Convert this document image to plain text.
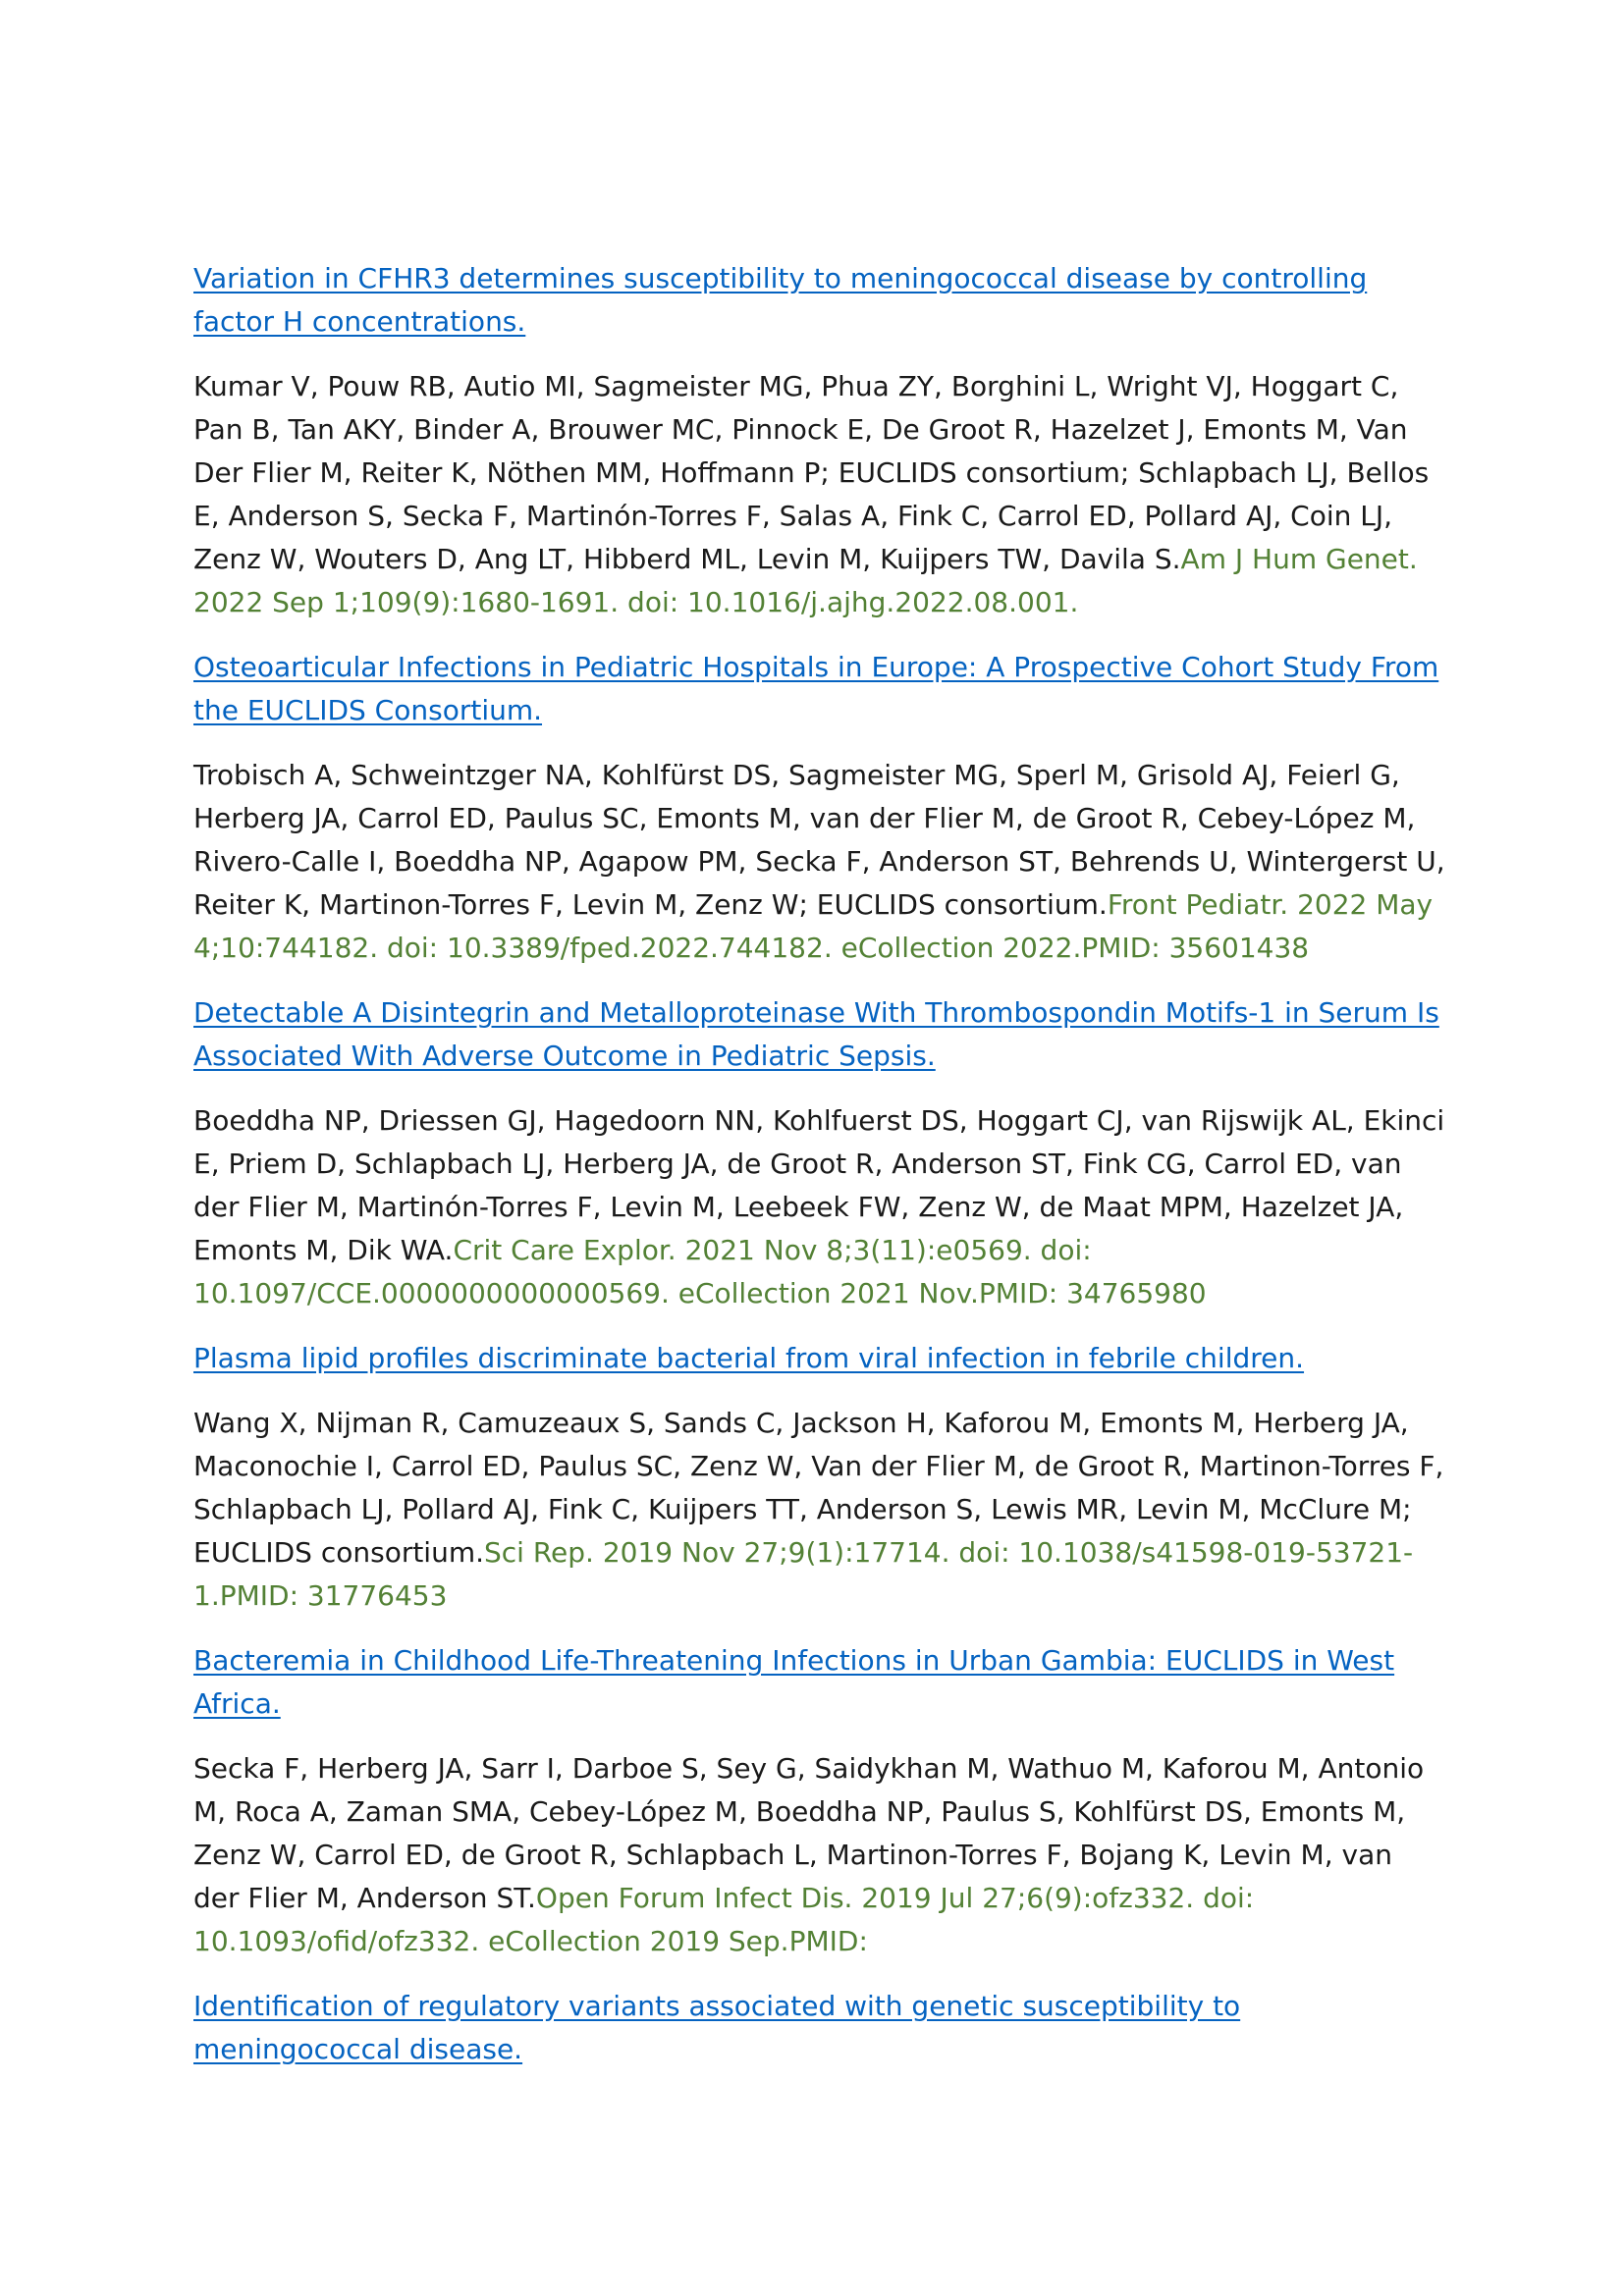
Variation in CFHR3 determines susceptibility to meningococcal disease by controlling factor H concentrations.

Kumar V, Pouw RB, Autio MI, Sagmeister MG, Phua ZY, Borghini L, Wright VJ, Hoggart C, Pan B, Tan AKY, Binder A, Brouwer MC, Pinnock E, De Groot R, Hazelzet J, Emonts M, Van Der Flier M, Reiter K, Nöthen MM, Hoffmann P; EUCLIDS consortium; Schlapbach LJ, Bellos E, Anderson S, Secka F, Martinón-Torres F, Salas A, Fink C, Carrol ED, Pollard AJ, Coin LJ, Zenz W, Wouters D, Ang LT, Hibberd ML, Levin M, Kuijpers TW, Davila S.Am J Hum Genet. 2022 Sep 1;109(9):1680-1691. doi: 10.1016/j.ajhg.2022.08.001.

Osteoarticular Infections in Pediatric Hospitals in Europe: A Prospective Cohort Study From the EUCLIDS Consortium.

Trobisch A, Schweintzger NA, Kohlfürst DS, Sagmeister MG, Sperl M, Grisold AJ, Feierl G, Herberg JA, Carrol ED, Paulus SC, Emonts M, van der Flier M, de Groot R, Cebey-López M, Rivero-Calle I, Boeddha NP, Agapow PM, Secka F, Anderson ST, Behrends U, Wintergerst U, Reiter K, Martinon-Torres F, Levin M, Zenz W; EUCLIDS consortium.Front Pediatr. 2022 May 4;10:744182. doi: 10.3389/fped.2022.744182. eCollection 2022.PMID: 35601438

Detectable A Disintegrin and Metalloproteinase With Thrombospondin Motifs-1 in Serum Is Associated With Adverse Outcome in Pediatric Sepsis.

Boeddha NP, Driessen GJ, Hagedoorn NN, Kohlfuerst DS, Hoggart CJ, van Rijswijk AL, Ekinci E, Priem D, Schlapbach LJ, Herberg JA, de Groot R, Anderson ST, Fink CG, Carrol ED, van der Flier M, Martinón-Torres F, Levin M, Leebeek FW, Zenz W, de Maat MPM, Hazelzet JA, Emonts M, Dik WA.Crit Care Explor. 2021 Nov 8;3(11):e0569. doi: 10.1097/CCE.0000000000000569. eCollection 2021 Nov.PMID: 34765980

Plasma lipid profiles discriminate bacterial from viral infection in febrile children.

Wang X, Nijman R, Camuzeaux S, Sands C, Jackson H, Kaforou M, Emonts M, Herberg JA, Maconochie I, Carrol ED, Paulus SC, Zenz W, Van der Flier M, de Groot R, Martinon-Torres F, Schlapbach LJ, Pollard AJ, Fink C, Kuijpers TT, Anderson S, Lewis MR, Levin M, McClure M; EUCLIDS consortium.Sci Rep. 2019 Nov 27;9(1):17714. doi: 10.1038/s41598-019-53721-1.PMID: 31776453

Bacteremia in Childhood Life-Threatening Infections in Urban Gambia: EUCLIDS in West Africa.

Secka F, Herberg JA, Sarr I, Darboe S, Sey G, Saidykhan M, Wathuo M, Kaforou M, Antonio M, Roca A, Zaman SMA, Cebey-López M, Boeddha NP, Paulus S, Kohlfürst DS, Emonts M, Zenz W, Carrol ED, de Groot R, Schlapbach L, Martinon-Torres F, Bojang K, Levin M, van der Flier M, Anderson ST.Open Forum Infect Dis. 2019 Jul 27;6(9):ofz332. doi: 10.1093/ofid/ofz332. eCollection 2019 Sep.PMID:

Identification of regulatory variants associated with genetic susceptibility to meningococcal disease.
